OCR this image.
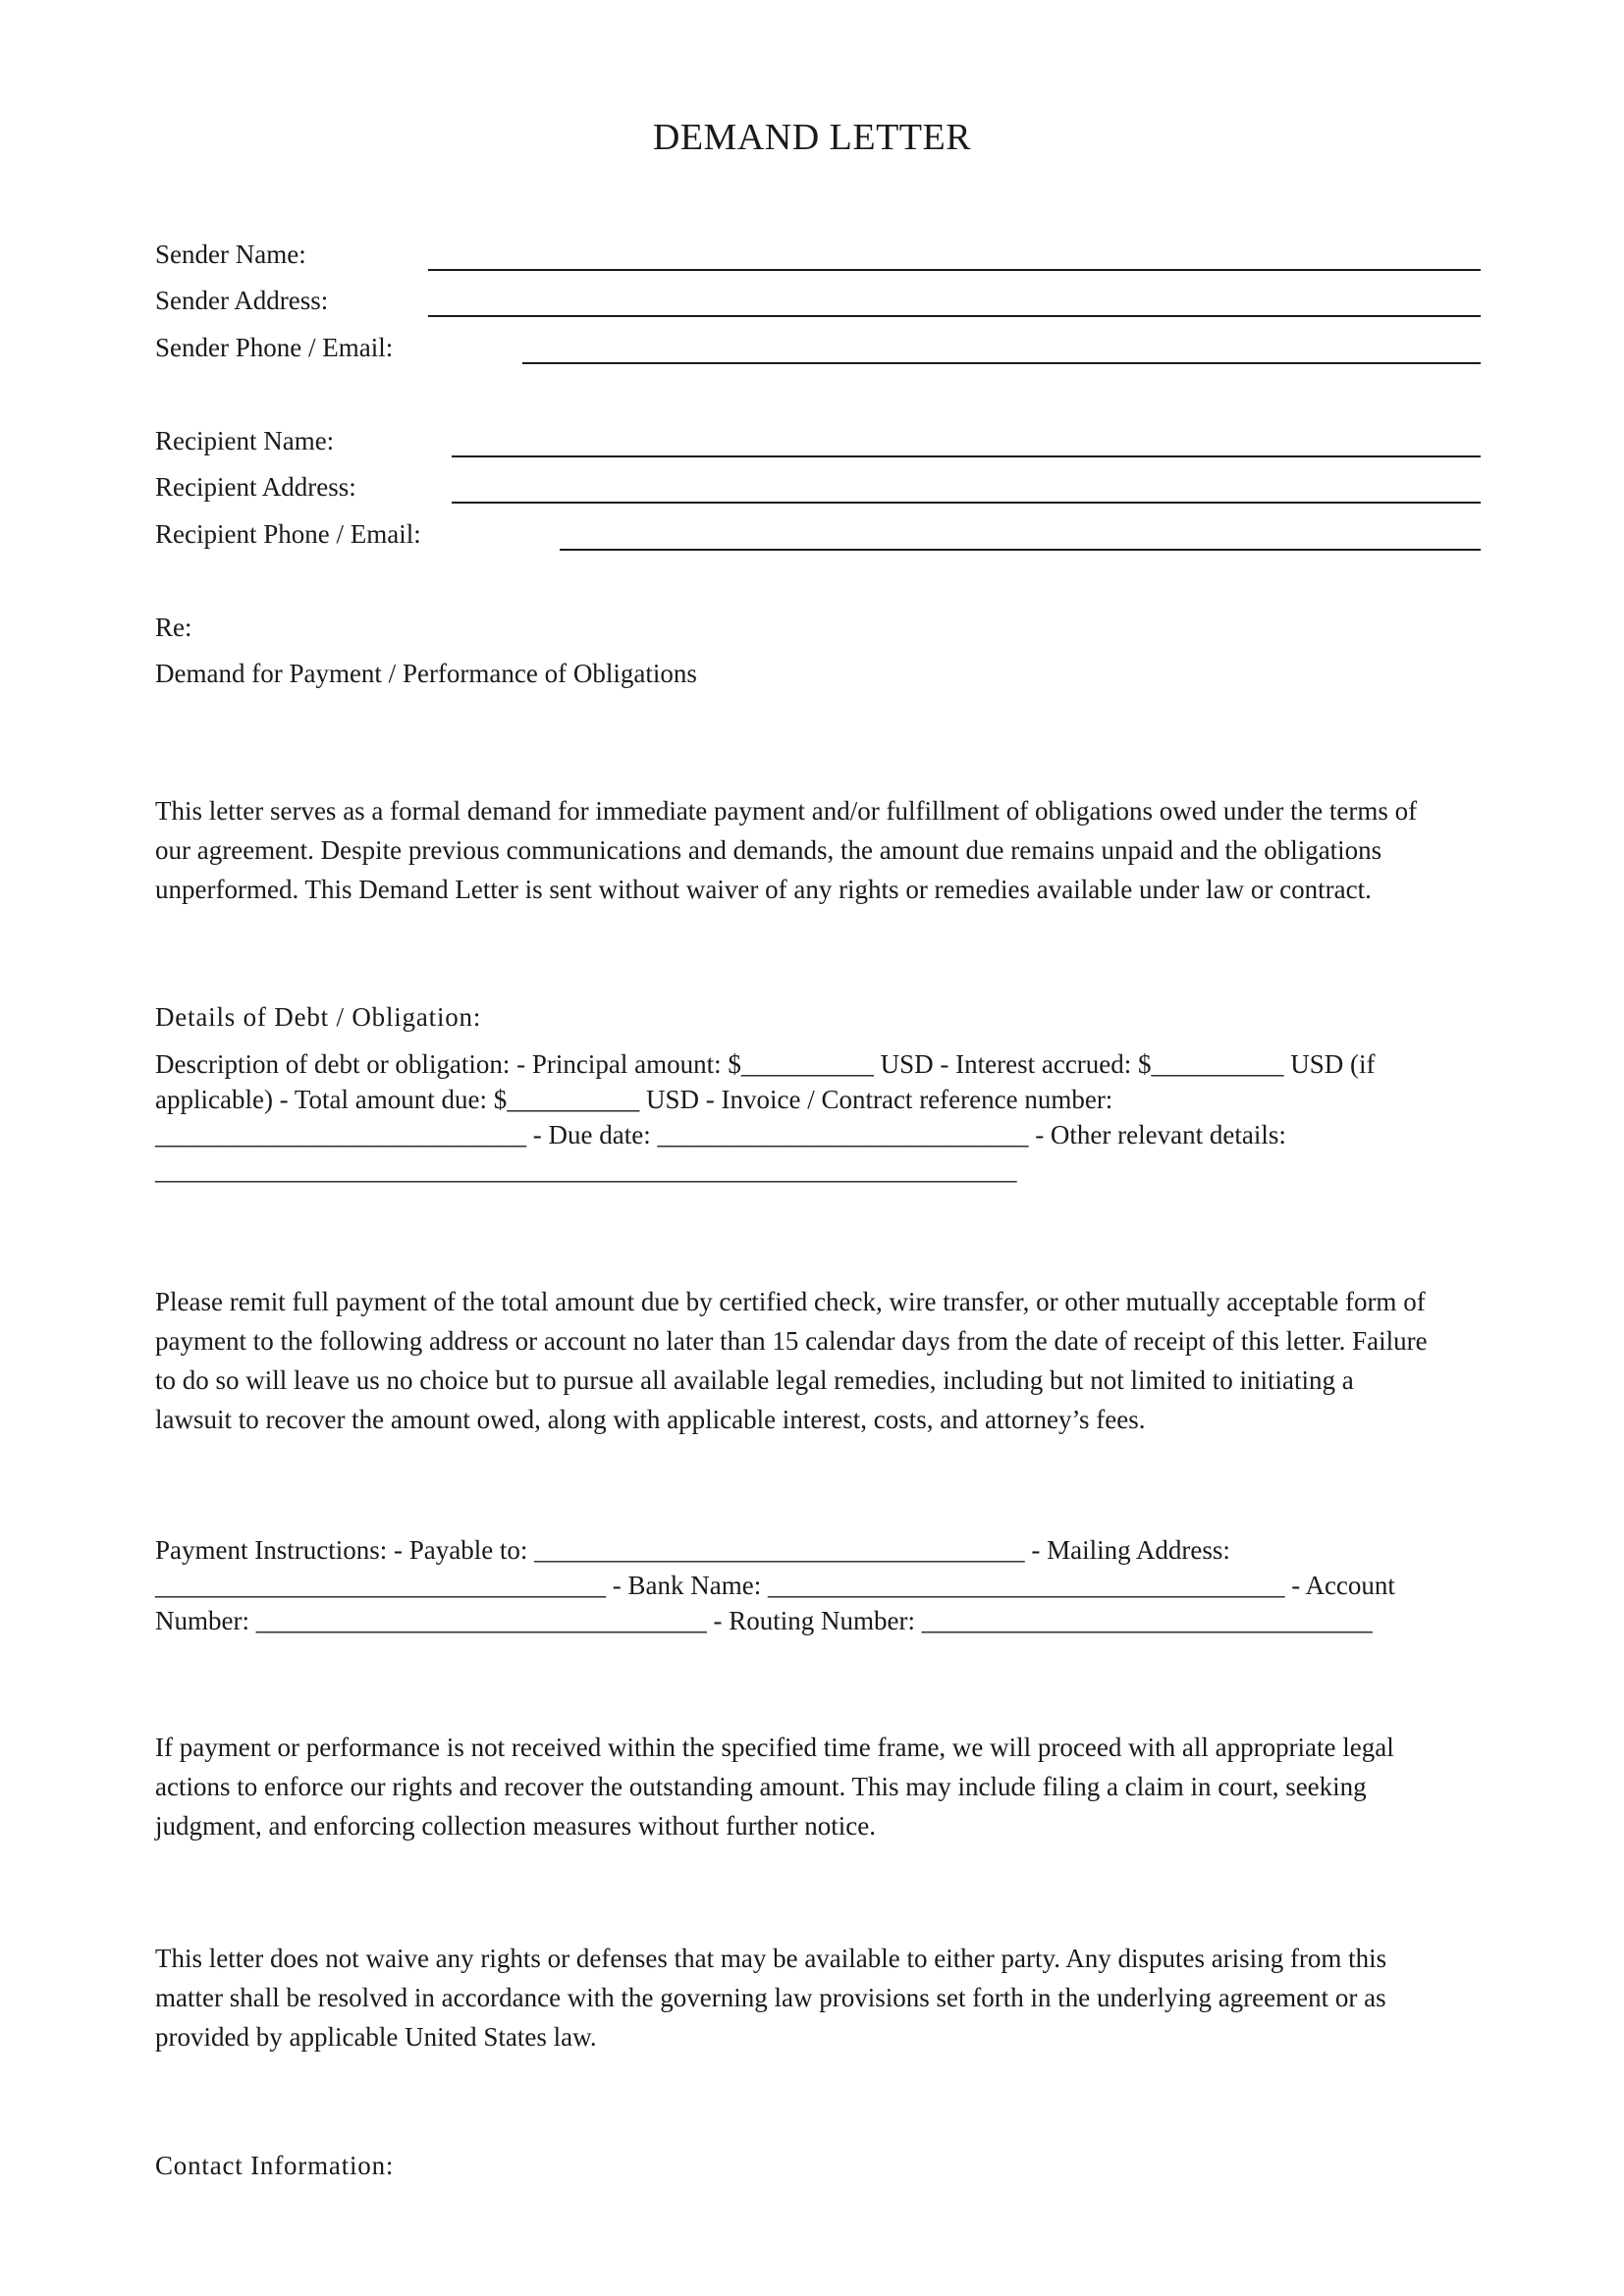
DEMAND LETTER
Sender Name:
Sender Address:
Sender Phone / Email:
Recipient Name:
Recipient Address:
Recipient Phone / Email:
Re:
Demand for Payment / Performance of Obligations
This letter serves as a formal demand for immediate payment and/or fulfillment of obligations owed under the terms of
our agreement. Despite previous communications and demands, the amount due remains unpaid and the obligations
unperformed. This Demand Letter is sent without waiver of any rights or remedies available under law or contract.
Details of Debt / Obligation:
Description of debt or obligation: - Principal amount: $__________ USD - Interest accrued: $__________ USD (if
applicable) - Total amount due: $__________ USD - Invoice / Contract reference number:
____________________________ - Due date: ____________________________ - Other relevant details:
_________________________________________________________________
Please remit full payment of the total amount due by certified check, wire transfer, or other mutually acceptable form of
payment to the following address or account no later than 15 calendar days from the date of receipt of this letter. Failure
to do so will leave us no choice but to pursue all available legal remedies, including but not limited to initiating a
lawsuit to recover the amount owed, along with applicable interest, costs, and attorney’s fees.
Payment Instructions: - Payable to: _____________________________________ - Mailing Address:
__________________________________ - Bank Name: _______________________________________ - Account
Number: __________________________________ - Routing Number: __________________________________
If payment or performance is not received within the specified time frame, we will proceed with all appropriate legal
actions to enforce our rights and recover the outstanding amount. This may include filing a claim in court, seeking
judgment, and enforcing collection measures without further notice.
This letter does not waive any rights or defenses that may be available to either party. Any disputes arising from this
matter shall be resolved in accordance with the governing law provisions set forth in the underlying agreement or as
provided by applicable United States law.
Contact Information:
